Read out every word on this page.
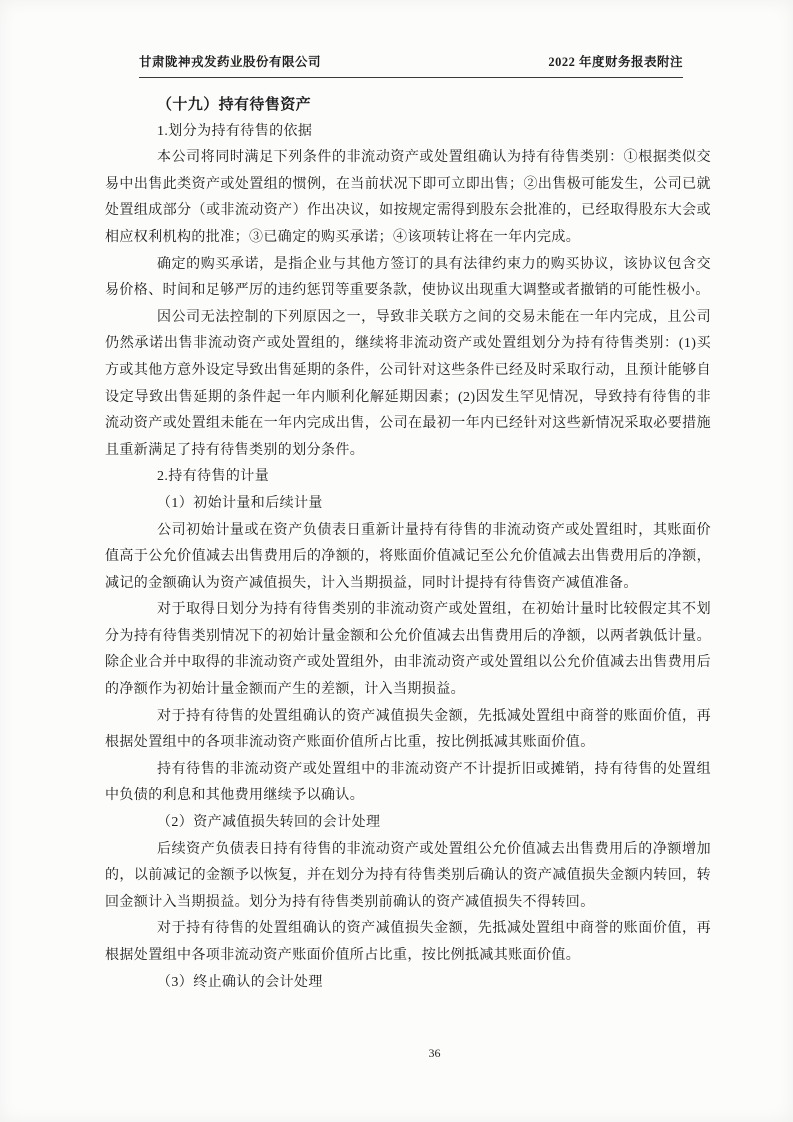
甘肃陇神戎发药业股份有限公司	2022 年度财务报表附注

（十九）持有待售资产

1.划分为持有待售的依据

本公司将同时满足下列条件的非流动资产或处置组确认为持有待售类别：①根据类似交易中出售此类资产或处置组的惯例，在当前状况下即可立即出售；②出售极可能发生，公司已就处置组成部分（或非流动资产）作出决议，如按规定需得到股东会批准的，已经取得股东大会或相应权利机构的批准；③已确定的购买承诺；④该项转让将在一年内完成。

确定的购买承诺，是指企业与其他方签订的具有法律约束力的购买协议，该协议包含交易价格、时间和足够严厉的违约惩罚等重要条款，使协议出现重大调整或者撤销的可能性极小。

因公司无法控制的下列原因之一，导致非关联方之间的交易未能在一年内完成，且公司仍然承诺出售非流动资产或处置组的，继续将非流动资产或处置组划分为持有待售类别：(1)买方或其他方意外设定导致出售延期的条件，公司针对这些条件已经及时采取行动，且预计能够自设定导致出售延期的条件起一年内顺利化解延期因素；(2)因发生罕见情况，导致持有待售的非流动资产或处置组未能在一年内完成出售，公司在最初一年内已经针对这些新情况采取必要措施且重新满足了持有待售类别的划分条件。

2.持有待售的计量

（1）初始计量和后续计量

公司初始计量或在资产负债表日重新计量持有待售的非流动资产或处置组时，其账面价值高于公允价值减去出售费用后的净额的，将账面价值减记至公允价值减去出售费用后的净额，减记的金额确认为资产减值损失，计入当期损益，同时计提持有待售资产减值准备。

对于取得日划分为持有待售类别的非流动资产或处置组，在初始计量时比较假定其不划分为持有待售类别情况下的初始计量金额和公允价值减去出售费用后的净额，以两者孰低计量。除企业合并中取得的非流动资产或处置组外，由非流动资产或处置组以公允价值减去出售费用后的净额作为初始计量金额而产生的差额，计入当期损益。

对于持有待售的处置组确认的资产减值损失金额，先抵减处置组中商誉的账面价值，再根据处置组中的各项非流动资产账面价值所占比重，按比例抵减其账面价值。

持有待售的非流动资产或处置组中的非流动资产不计提折旧或摊销，持有待售的处置组中负债的利息和其他费用继续予以确认。

（2）资产减值损失转回的会计处理

后续资产负债表日持有待售的非流动资产或处置组公允价值减去出售费用后的净额增加的，以前减记的金额予以恢复，并在划分为持有待售类别后确认的资产减值损失金额内转回，转回金额计入当期损益。划分为持有待售类别前确认的资产减值损失不得转回。

对于持有待售的处置组确认的资产减值损失金额，先抵减处置组中商誉的账面价值，再根据处置组中各项非流动资产账面价值所占比重，按比例抵减其账面价值。

（3）终止确认的会计处理

36
